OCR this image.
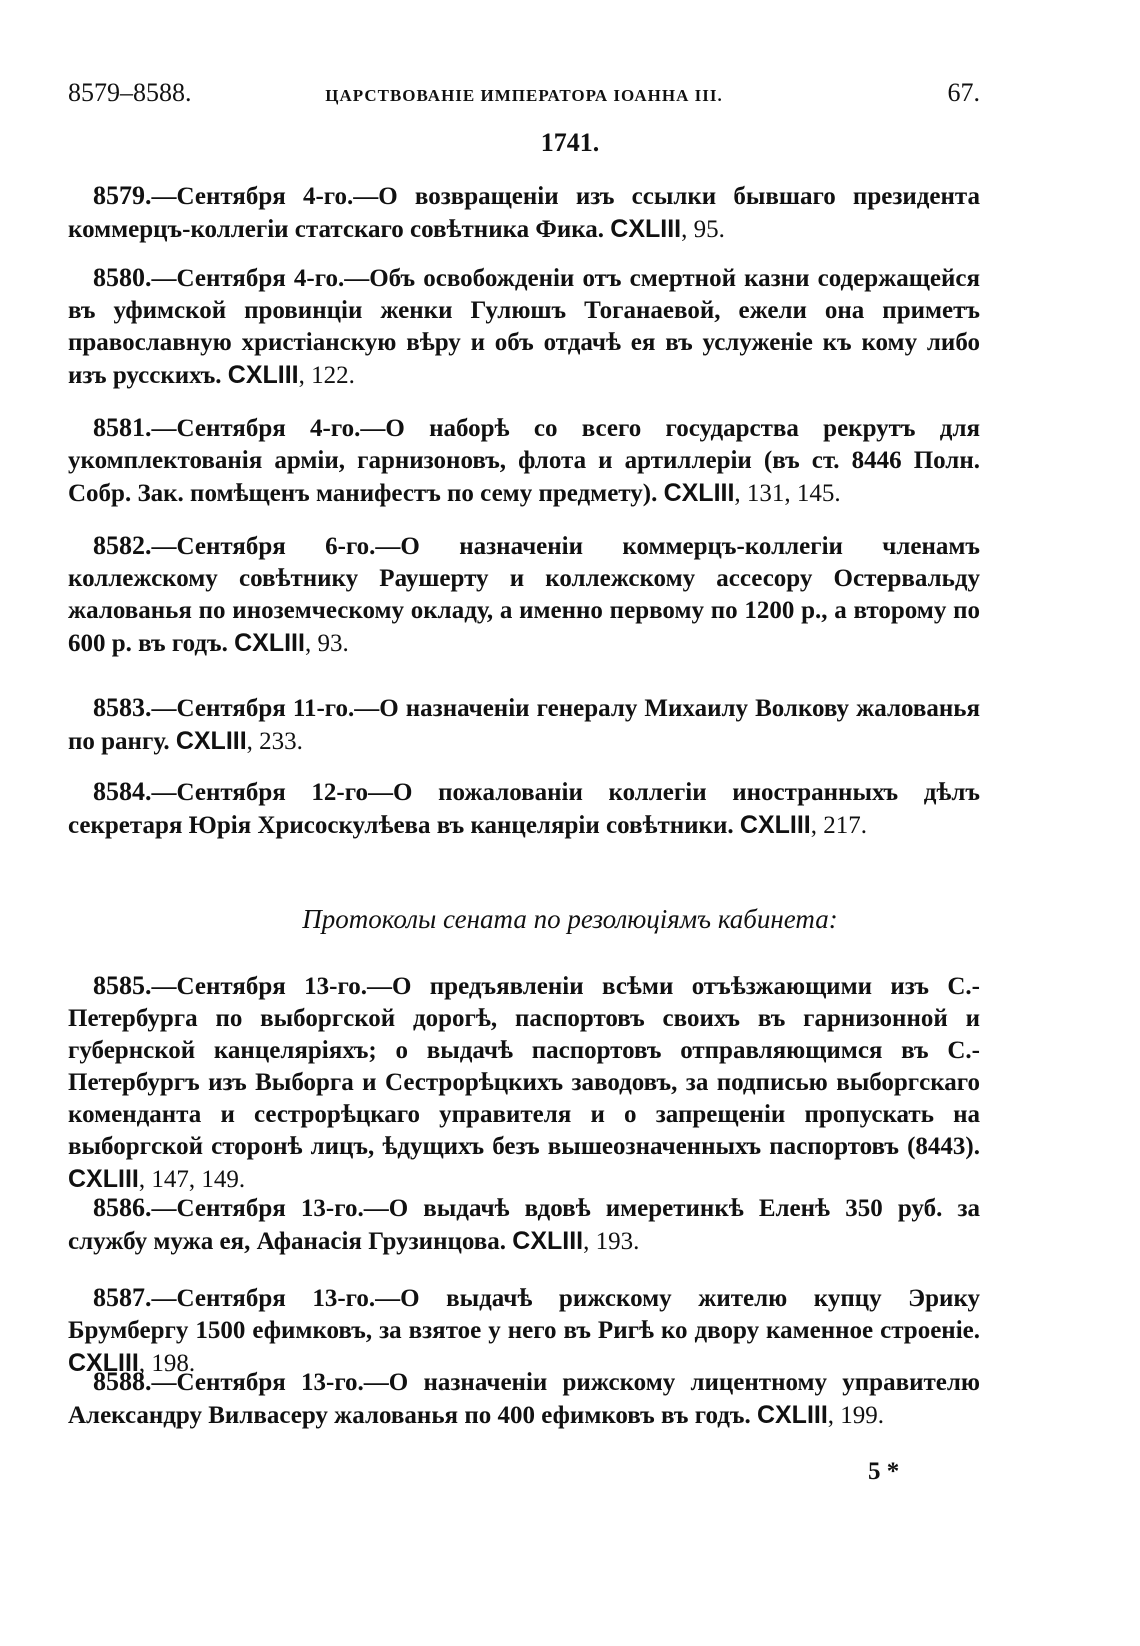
8579–8588.	ЦАРСТВОВАНІЕ ИМПЕРАТОРА ІОАННА III.	67.
1741.

 8579.—Сентября 4-го.—О возвращеніи изъ ссылки бывшаго президента коммерцъ-коллегіи статскаго совѣтника Фика. CXLIII, 95.

 8580.—Сентября 4-го.—Объ освобожденіи отъ смертной казни содержащейся въ уфимской провинціи женки Гулюшъ Тоганаевой, ежели она приметъ православную христіанскую вѣру и объ отдачѣ ея въ услуженіе къ кому либо изъ русскихъ. CXLIII, 122.

 8581.—Сентября 4-го.—О наборѣ со всего государства рекрутъ для укомплектованія арміи, гарнизоновъ, флота и артиллеріи (въ ст. 8446 Полн. Собр. Зак. помѣщенъ манифестъ по сему предмету). CXLIII, 131, 145.

 8582.—Сентября 6-го.—О назначеніи коммерцъ-коллегіи членамъ коллежскому совѣтнику Раушерту и коллежскому ассесору Остервальду жалованья по иноземческому окладу, а именно первому по 1200 р., а второму по 600 р. въ годъ. CXLIII, 93.

 8583.—Сентября 11-го.—О назначеніи генералу Михаилу Волкову жалованья по рангу. CXLIII, 233.

 8584.—Сентября 12-го—О пожалованіи коллегіи иностранныхъ дѣлъ секретаря Юрія Хрисоскулѣева въ канцеляріи совѣтники. CXLIII, 217.

Протоколы сената по резолюціямъ кабинета:

 8585.—Сентября 13-го.—О предъявленіи всѣми отъѣзжающими изъ С.-Петербурга по выборгской дорогѣ, паспортовъ своихъ въ гарнизонной и губернской канцеляріяхъ; о выдачѣ паспортовъ отправляющимся въ С.-Петербургъ изъ Выборга и Сестрорѣцкихъ заводовъ, за подписью выборгскаго коменданта и сестрорѣцкаго управителя и о запрещеніи пропускать на выборгской сторонѣ лицъ, ѣдущихъ безъ вышеозначенныхъ паспортовъ (8443). CXLIII, 147, 149.

 8586.—Сентября 13-го.—О выдачѣ вдовѣ имеретинкѣ Еленѣ 350 руб. за службу мужа ея, Афанасія Грузинцова. CXLIII, 193.

 8587.—Сентября 13-го.—О выдачѣ рижскому жителю купцу Эрику Брумбергу 1500 ефимковъ, за взятое у него въ Ригѣ ко двору каменное строеніе. CXLIII, 198.

 8588.—Сентября 13-го.—О назначеніи рижскому лицентному управителю Александру Вилвасеру жалованья по 400 ефимковъ въ годъ. CXLIII, 199.

5 *
